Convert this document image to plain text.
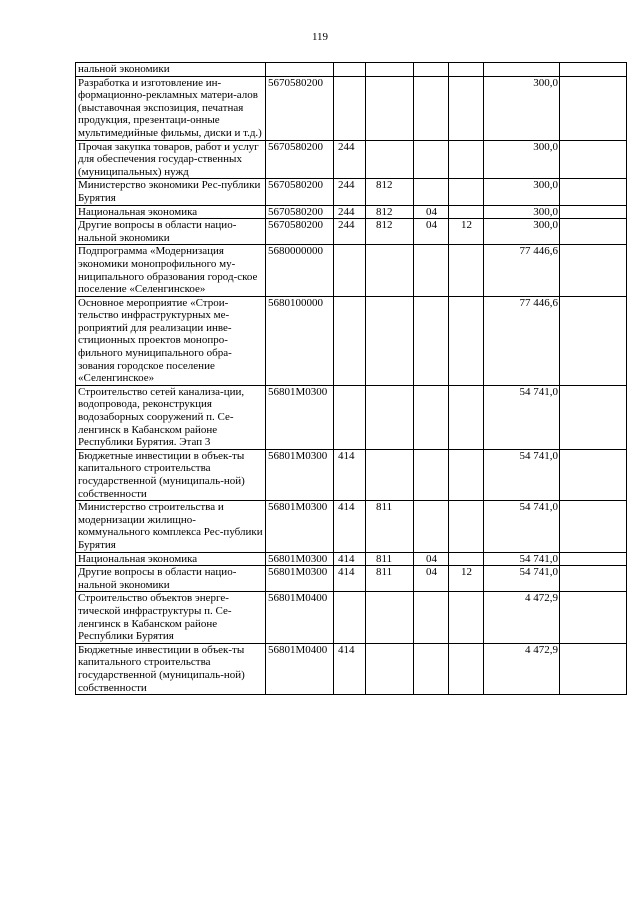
119
нальной экономики							
Разработка и изготовление ин-формационно-рекламных матери-алов (выставочная экспозиция, печатная продукция, презентаци-онные мультимедийные фильмы, диски и т.д.)	5670580200					300,0	
Прочая закупка товаров, работ и услуг для обеспечения государ-ственных (муниципальных) нужд	5670580200	244				300,0	
Министерство экономики Рес-публики Бурятия	5670580200	244	812			300,0	
Национальная экономика	5670580200	244	812	04		300,0	
Другие вопросы в области нацио-нальной экономики	5670580200	244	812	04	12	300,0	
Подпрограмма «Модернизация экономики монопрофильного му-ниципального образования город-ское поселение «Селенгинское»	5680000000					77 446,6	
Основное мероприятие «Строи-тельство инфраструктурных ме-роприятий для реализации инве-стиционных проектов монопро-фильного муниципального обра-зования городское поселение «Селенгинское»	5680100000					77 446,6	
Строительство сетей канализа-ции, водопровода, реконструкция водозаборных сооружений п. Се-ленгинск в Кабанском районе Республики Бурятия. Этап 3	56801M0300					54 741,0	
Бюджетные инвестиции в объек-ты капитального строительства государственной (муниципаль-ной) собственности	56801M0300	414				54 741,0	
Министерство строительства и модернизации жилищно-коммунального комплекса Рес-публики Бурятия	56801M0300	414	811			54 741,0	
Национальная экономика	56801M0300	414	811	04		54 741,0	
Другие вопросы в области нацио-нальной экономики	56801M0300	414	811	04	12	54 741,0	
Строительство объектов энерге-тической инфраструктуры п. Се-ленгинск в Кабанском районе Республики Бурятия	56801M0400					4 472,9	
Бюджетные инвестиции в объек-ты капитального строительства государственной (муниципаль-ной) собственности	56801M0400	414				4 472,9	
